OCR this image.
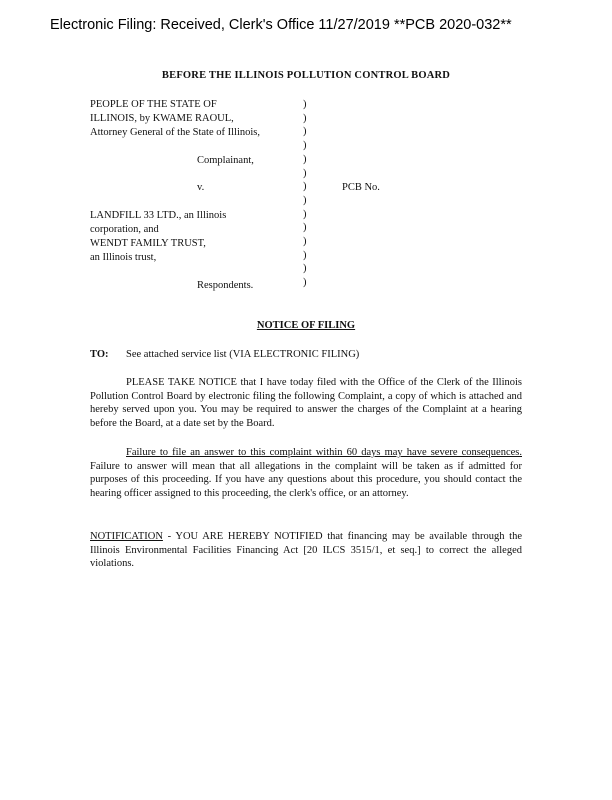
Electronic Filing: Received, Clerk's Office 11/27/2019 **PCB 2020-032**
BEFORE THE ILLINOIS POLLUTION CONTROL BOARD
PEOPLE OF THE STATE OF
ILLINOIS, by KWAME RAOUL,
Attorney General of the State of Illinois,
Complainant,
v.	PCB No.
LANDFILL 33 LTD., an Illinois
corporation, and
WENDT FAMILY TRUST,
an Illinois trust,
Respondents.
)
)
)
)
)
)
)
)
)
)
)
)
)
)
NOTICE OF FILING
TO: See attached service list (VIA ELECTRONIC FILING)

PLEASE TAKE NOTICE that I have today filed with the Office of the Clerk of the Illinois Pollution Control Board by electronic filing the following Complaint, a copy of which is attached and hereby served upon you. You may be required to answer the charges of the Complaint at a hearing before the Board, at a date set by the Board.

Failure to file an answer to this complaint within 60 days may have severe consequences. Failure to answer will mean that all allegations in the complaint will be taken as if admitted for purposes of this proceeding. If you have any questions about this procedure, you should contact the hearing officer assigned to this proceeding, the clerk's office, or an attorney.

NOTIFICATION - YOU ARE HEREBY NOTIFIED that financing may be available through the Illinois Environmental Facilities Financing Act [20 ILCS 3515/1, et seq.] to correct the alleged violations.
